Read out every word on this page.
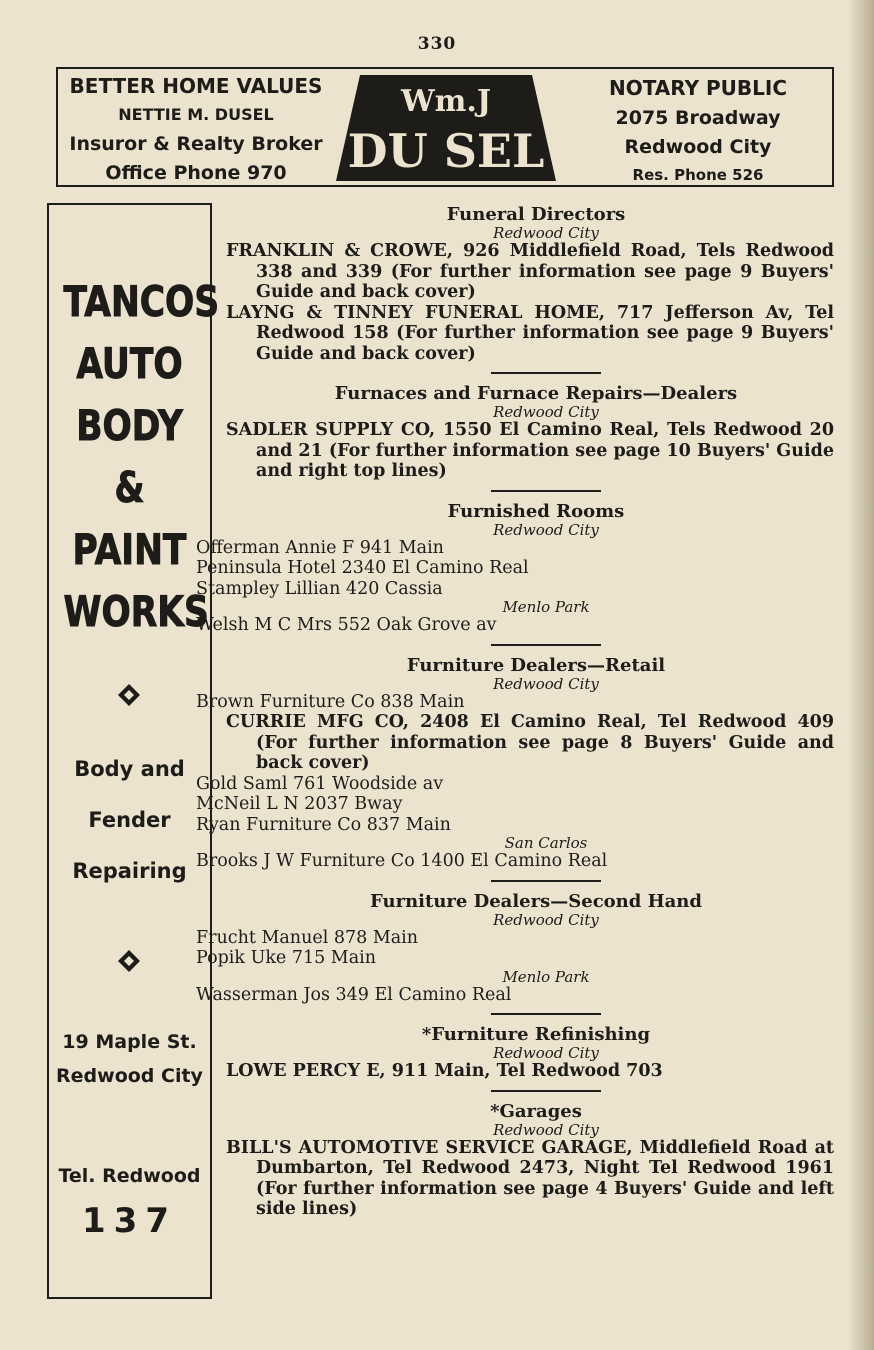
330
BETTER HOME VALUES
NETTIE M. DUSEL
Insuror & Realty Broker
Office Phone 970
Wm.J
DU SEL
NOTARY PUBLIC
2075 Broadway
Redwood City
Res. Phone 526
TANCOS
AUTO
BODY
&
PAINT
WORKS
Body and
Fender
Repairing
19 Maple St.
Redwood City
Tel. Redwood
137
Funeral Directors
Redwood City
FRANKLIN & CROWE, 926 Middlefield Road, Tels Redwood 338 and 339 (For further information see page 9 Buyers' Guide and back cover)
LAYNG & TINNEY FUNERAL HOME, 717 Jefferson Av, Tel Redwood 158 (For further information see page 9 Buyers' Guide and back cover)
Furnaces and Furnace Repairs—Dealers
Redwood City
SADLER SUPPLY CO, 1550 El Camino Real, Tels Redwood 20 and 21 (For further information see page 10 Buyers' Guide and right top lines)
Furnished Rooms
Redwood City
Offerman Annie F 941 Main
Peninsula Hotel 2340 El Camino Real
Stampley Lillian 420 Cassia
Menlo Park
Welsh M C Mrs 552 Oak Grove av
Furniture Dealers—Retail
Redwood City
Brown Furniture Co 838 Main
CURRIE MFG CO, 2408 El Camino Real, Tel Redwood 409 (For further information see page 8 Buyers' Guide and back cover)
Gold Saml 761 Woodside av
McNeil L N 2037 Bway
Ryan Furniture Co 837 Main
San Carlos
Brooks J W Furniture Co 1400 El Camino Real
Furniture Dealers—Second Hand
Redwood City
Frucht Manuel 878 Main
Popik Uke 715 Main
Menlo Park
Wasserman Jos 349 El Camino Real
*Furniture Refinishing
Redwood City
LOWE PERCY E, 911 Main, Tel Redwood 703
*Garages
Redwood City
BILL'S AUTOMOTIVE SERVICE GARAGE, Middlefield Road at Dumbarton, Tel Redwood 2473, Night Tel Redwood 1961 (For further information see page 4 Buyers' Guide and left side lines)
